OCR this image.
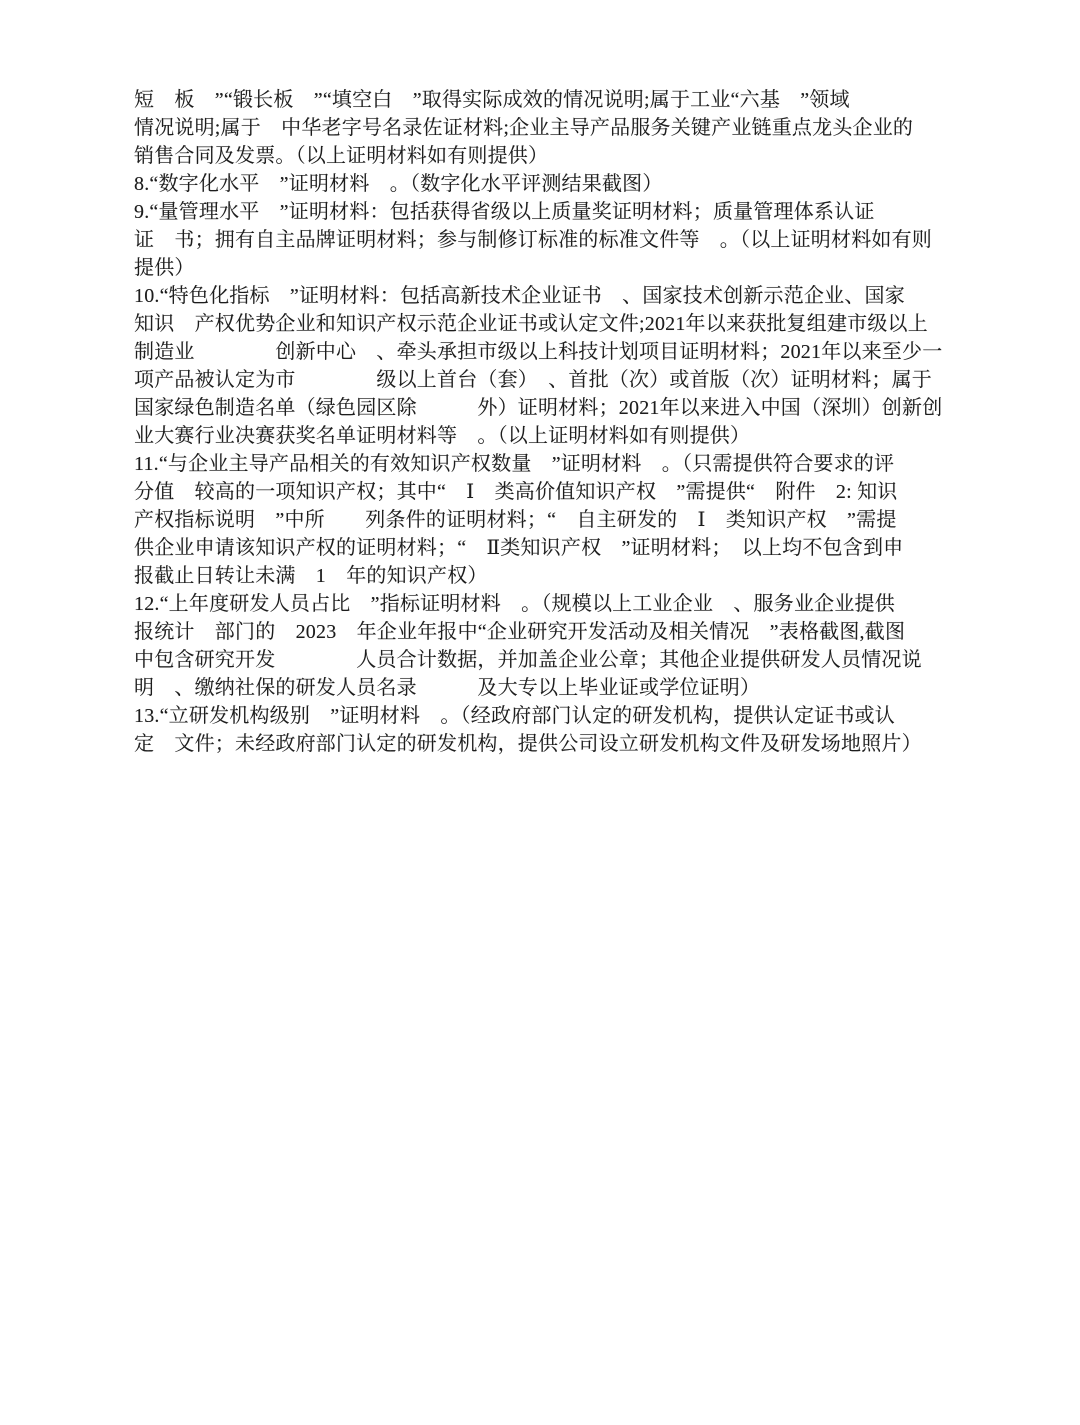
短　板　”“锻长板　”“填空白　”取得实际成效的情况说明;属于工业“六基　”领域
情况说明;属于　中华老字号名录佐证材料;企业主导产品服务关键产业链重点龙头企业的
销售合同及发票。（以上证明材料如有则提供）
8.“数字化水平　”证明材料　。（数字化水平评测结果截图）
9.“量管理水平　”证明材料：包括获得省级以上质量奖证明材料；质量管理体系认证
证　书；拥有自主品牌证明材料；参与制修订标准的标准文件等　。（以上证明材料如有则
提供）
10.“特色化指标　”证明材料：包括高新技术企业证书　、国家技术创新示范企业、国家
知识　产权优势企业和知识产权示范企业证书或认定文件;2021年以来获批复组建市级以上
制造业　　　　创新中心　、牵头承担市级以上科技计划项目证明材料；2021年以来至少一
项产品被认定为市　　　　级以上首台（套）　、首批（次）或首版（次）证明材料；属于
国家绿色制造名单（绿色园区除　　　外）证明材料；2021年以来进入中国（深圳）创新创
业大赛行业决赛获奖名单证明材料等　。（以上证明材料如有则提供）
11.“与企业主导产品相关的有效知识产权数量　”证明材料　。（只需提供符合要求的评
分值　较高的一项知识产权；其中“　Ⅰ　类高价值知识产权　”需提供“　附件　2: 知识
产权指标说明　”中所　　列条件的证明材料；“　自主研发的　Ⅰ　类知识产权　”需提
供企业申请该知识产权的证明材料；“　Ⅱ类知识产权　”证明材料；　以上均不包含到申
报截止日转让未满　1　年的知识产权）
12.“上年度研发人员占比　”指标证明材料　。（规模以上工业企业　、服务业企业提供
报统计　部门的　2023　年企业年报中“企业研究开发活动及相关情况　”表格截图,截图
中包含研究开发　　　　人员合计数据，并加盖企业公章；其他企业提供研发人员情况说
明　、缴纳社保的研发人员名录　　　及大专以上毕业证或学位证明）
13.“立研发机构级别　”证明材料　。（经政府部门认定的研发机构，提供认定证书或认
定　文件；未经政府部门认定的研发机构，提供公司设立研发机构文件及研发场地照片）
